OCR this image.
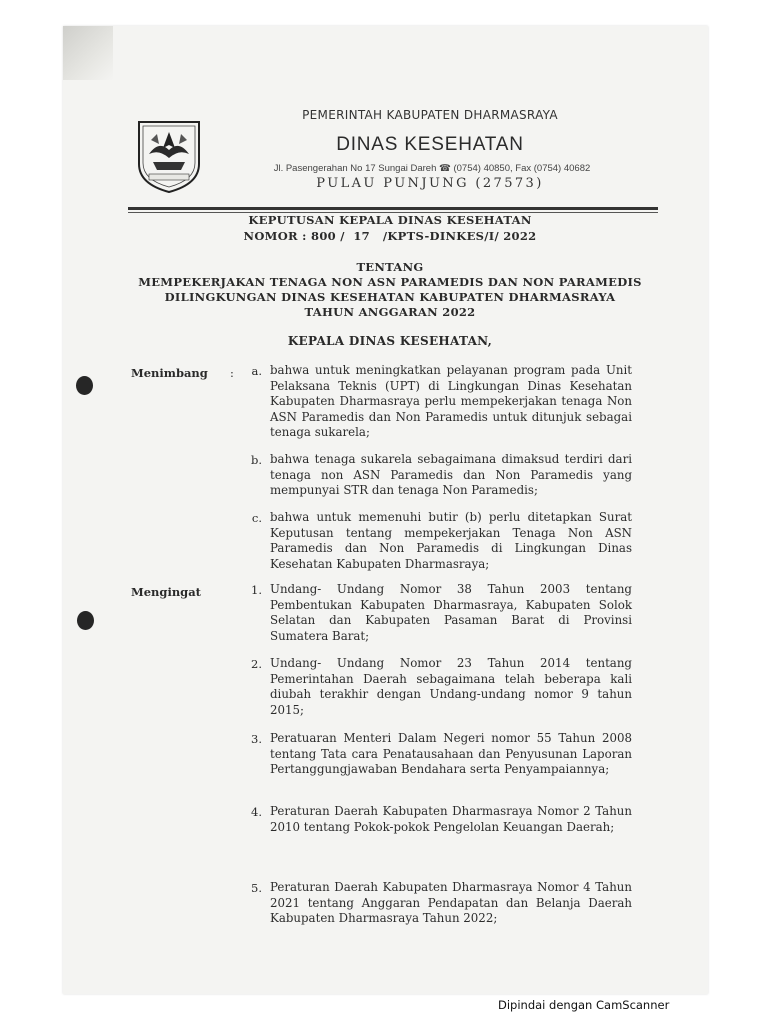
PEMERINTAH KABUPATEN DHARMASRAYA
DINAS KESEHATAN
Jl. Pasengerahan No 17 Sungai Dareh ☎ (0754) 40850, Fax (0754) 40682
PULAU PUNJUNG (27573)
KEPUTUSAN KEPALA DINAS KESEHATAN
NOMOR : 800 /  17   /KPTS-DINKES/I/ 2022
TENTANG
MEMPEKERJAKAN TENAGA NON ASN PARAMEDIS DAN NON PARAMEDIS
DILINGKUNGAN DINAS KESEHATAN KABUPATEN DHARMASRAYA
TAHUN ANGGARAN 2022
KEPALA DINAS KESEHATAN,
Menimbang :	a. bahwa untuk meningkatkan pelayanan program pada Unit Pelaksana Teknis (UPT) di Lingkungan Dinas Kesehatan Kabupaten Dharmasraya perlu mempekerjakan tenaga Non ASN Paramedis dan Non Paramedis untuk ditunjuk sebagai tenaga sukarela;
b. bahwa tenaga sukarela sebagaimana dimaksud terdiri dari tenaga non ASN Paramedis dan Non Paramedis yang mempunyai STR dan tenaga Non Paramedis;
c. bahwa untuk memenuhi butir (b) perlu ditetapkan Surat Keputusan tentang mempekerjakan Tenaga Non ASN Paramedis dan Non Paramedis di Lingkungan Dinas Kesehatan Kabupaten Dharmasraya;
Mengingat	1. Undang- Undang Nomor 38 Tahun 2003 tentang Pembentukan Kabupaten Dharmasraya, Kabupaten Solok Selatan dan Kabupaten Pasaman Barat di Provinsi Sumatera Barat;
2. Undang- Undang Nomor 23 Tahun 2014 tentang Pemerintahan Daerah sebagaimana telah beberapa kali diubah terakhir dengan Undang-undang nomor 9 tahun 2015;
3. Peratuaran Menteri Dalam Negeri nomor 55 Tahun 2008 tentang Tata cara Penatausahaan dan Penyusunan Laporan Pertanggungjawaban Bendahara serta Penyampaiannya;
4. Peraturan Daerah Kabupaten Dharmasraya Nomor 2 Tahun 2010 tentang Pokok-pokok Pengelolan Keuangan Daerah;
5. Peraturan Daerah Kabupaten Dharmasraya Nomor 4 Tahun 2021 tentang Anggaran Pendapatan dan Belanja Daerah Kabupaten Dharmasraya Tahun 2022;
Dipindai dengan CamScanner
